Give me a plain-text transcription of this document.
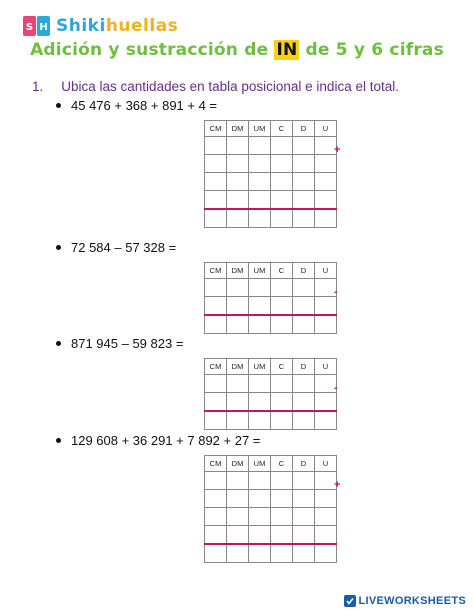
S H Shikihuellas
Adición y sustracción de IN de 5 y 6 cifras
1. Ubica las cantidades en tabla posicional e indica el total.
45 476 + 368 + 891 + 4 =
CM	DM	UM	C	D	U

+
72 584 – 57 328 =
CM	DM	UM	C	D	U

-
871 945 – 59 823 =
CM	DM	UM	C	D	U

-
129 608 + 36 291 + 7 892 + 27 =
CM	DM	UM	C	D	U

+
LIVEWORKSHEETS
